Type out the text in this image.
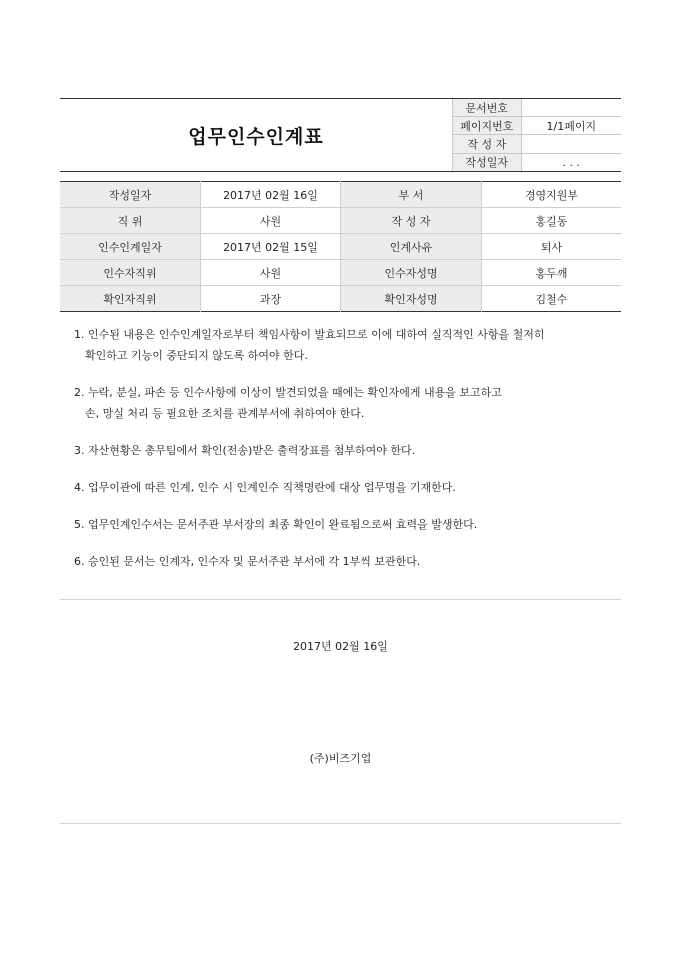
업무인수인계표
문서번호	
페이지번호	1/1페이지
작 성 자	
작성일자	. . .
작성일자	2017년 02월 16일	부 서	경영지원부
직 위	사원	작 성 자	홍길동
인수인계일자	2017년 02월 15일	인계사유	퇴사
인수자직위	사원	인수자성명	홍두깨
확인자직위	과장	확인자성명	김철수
1. 인수된 내용은 인수인계일자로부터 책임사항이 발효되므로 이에 대하여 실직적인 사항을 철저히
확인하고 기능이 중단되지 않도록 하여야 한다.
2. 누락, 분실, 파손 등 인수사항에 이상이 발견되었을 때에는 확인자에게 내용을 보고하고
손, 망실 처리 등 필요한 조치를 관계부서에 취하여야 한다.
3. 자산현황은 총무팀에서 확인(전송)받은 출력장표를 첨부하여야 한다.
4. 업무이관에 따른 인계, 인수 시 인계인수 직책명란에 대상 업무명을 기재한다.
5. 업무인계인수서는 문서주관 부서장의 최종 확인이 완료됨으로써 효력을 발생한다.
6. 승인된 문서는 인계자, 인수자 및 문서주관 부서에 각 1부씩 보관한다.
2017년 02월 16일
(주)비즈기업
